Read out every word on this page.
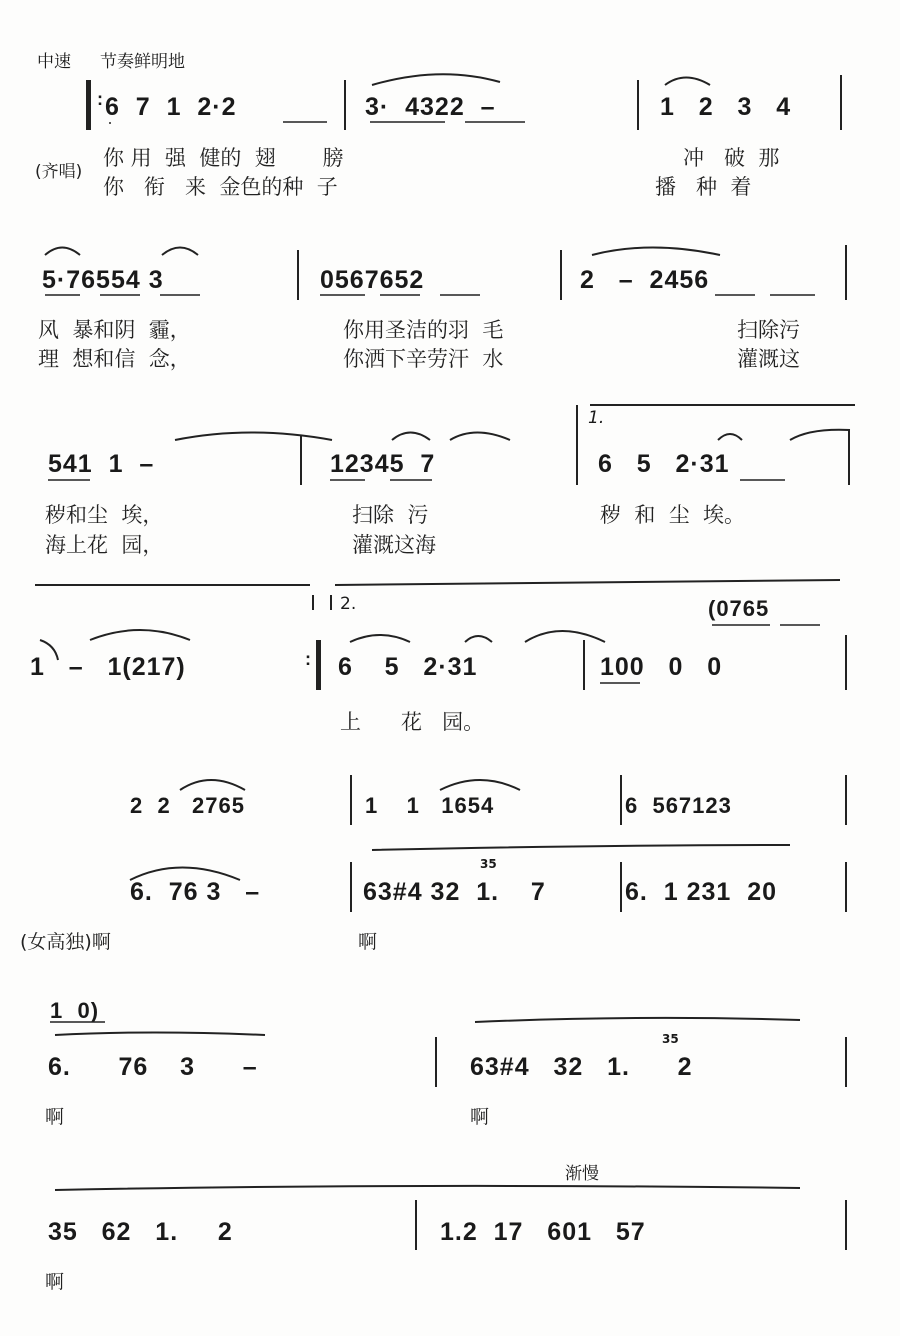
中速 节奏鲜明地
: 6  7  1  2·2	3·  4322  –	1   2   3   4
(齐唱)
你 用  强  健的  翅       膀	冲   破  那
你   衔   来  金色的种  子	播   种  着
5·76554 3	0567652	2   –  2456
风  暴和阴  霾，	你用圣洁的羽  毛	扫除污
理  想和信  念，	你洒下辛劳汗  水	灌溉这
541  1  –	12345  7
1.
6   5   2·31
秽和尘  埃，	扫除  污	秽  和  尘  埃。
海上花  园，	灌溉这海
1   –   1(217)
2.
: 6    5   2·31	100   0   0
(0765
上      花   园。
2  2   2765	1    1   1654	6  567123
6.  76 3   –	63#4 32  1.    7
35
6.  1 231  20
(女高独)啊	啊
1  0)
6.      76    3      –	63#4   32   1.      2
35
啊	啊
渐慢
35   62   1.     2	1.2  17   601   57
啊
